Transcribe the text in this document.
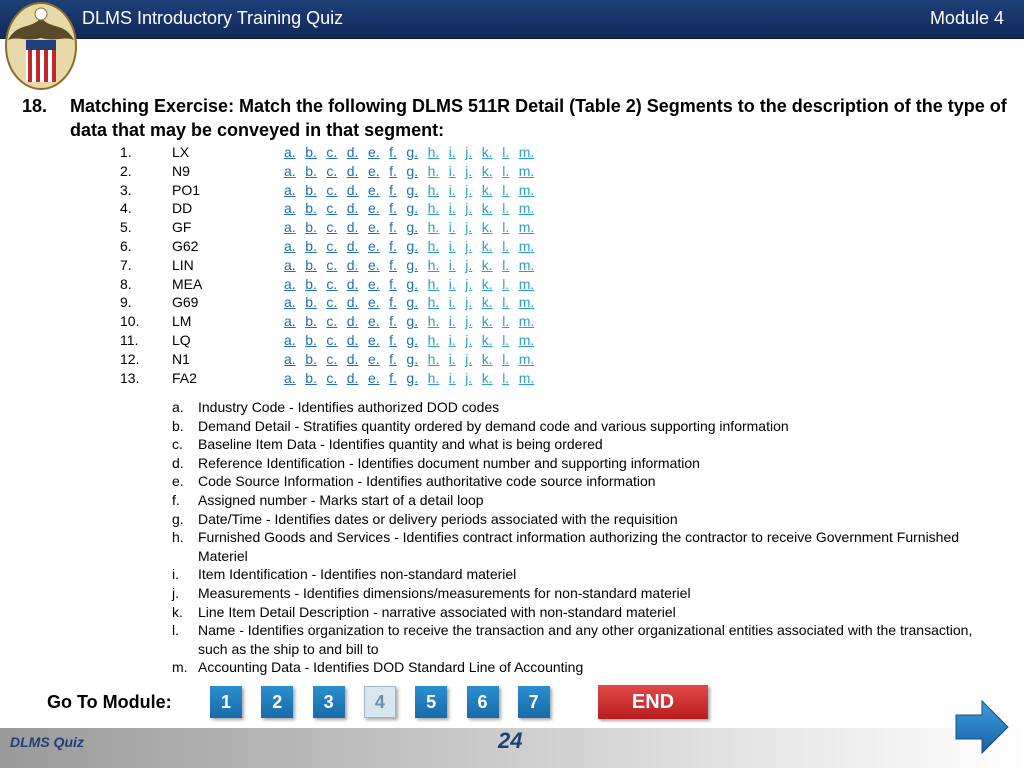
DLMS Introductory Training Quiz	Module 4
18. Matching Exercise: Match the following DLMS 511R Detail (Table 2) Segments to the description of the type of data that may be conveyed in that segment:
1.	LX	a. b. c. d. e. f. g. h. i. j. k. l. m.
2.	N9	a. b. c. d. e. f. g. h. i. j. k. l. m.
3.	PO1	a. b. c. d. e. f. g. h. i. j. k. l. m.
4.	DD	a. b. c. d. e. f. g. h. i. j. k. l. m.
5.	GF	a. b. c. d. e. f. g. h. i. j. k. l. m.
6.	G62	a. b. c. d. e. f. g. h. i. j. k. l. m.
7.	LIN	a. b. c. d. e. f. g. h. i. j. k. l. m.
8.	MEA	a. b. c. d. e. f. g. h. i. j. k. l. m.
9.	G69	a. b. c. d. e. f. g. h. i. j. k. l. m.
10. LM	a. b. c. d. e. f. g. h. i. j. k. l. m.
11. LQ	a. b. c. d. e. f. g. h. i. j. k. l. m.
12. N1	a. b. c. d. e. f. g. h. i. j. k. l. m.
13. FA2	a. b. c. d. e. f. g. h. i. j. k. l. m.
a. Industry Code - Identifies authorized DOD codes
b. Demand Detail - Stratifies quantity ordered by demand code and various supporting information
c. Baseline Item Data - Identifies quantity and what is being ordered
d. Reference Identification - Identifies document number and supporting information
e. Code Source Information - Identifies authoritative code source information
f. Assigned number - Marks start of a detail loop
g. Date/Time - Identifies dates or delivery periods associated with the requisition
h. Furnished Goods and Services - Identifies contract information authorizing the contractor to receive Government Furnished Materiel
i. Item Identification - Identifies non-standard materiel
j. Measurements - Identifies dimensions/measurements for non-standard materiel
k. Line Item Detail Description - narrative associated with non-standard materiel
l. Name - Identifies organization to receive the transaction and any other organizational entities associated with the transaction, such as the ship to and bill to
m. Accounting Data - Identifies DOD Standard Line of Accounting
Go To Module:	1	2	3	4	5	6	7	END
DLMS Quiz	24
